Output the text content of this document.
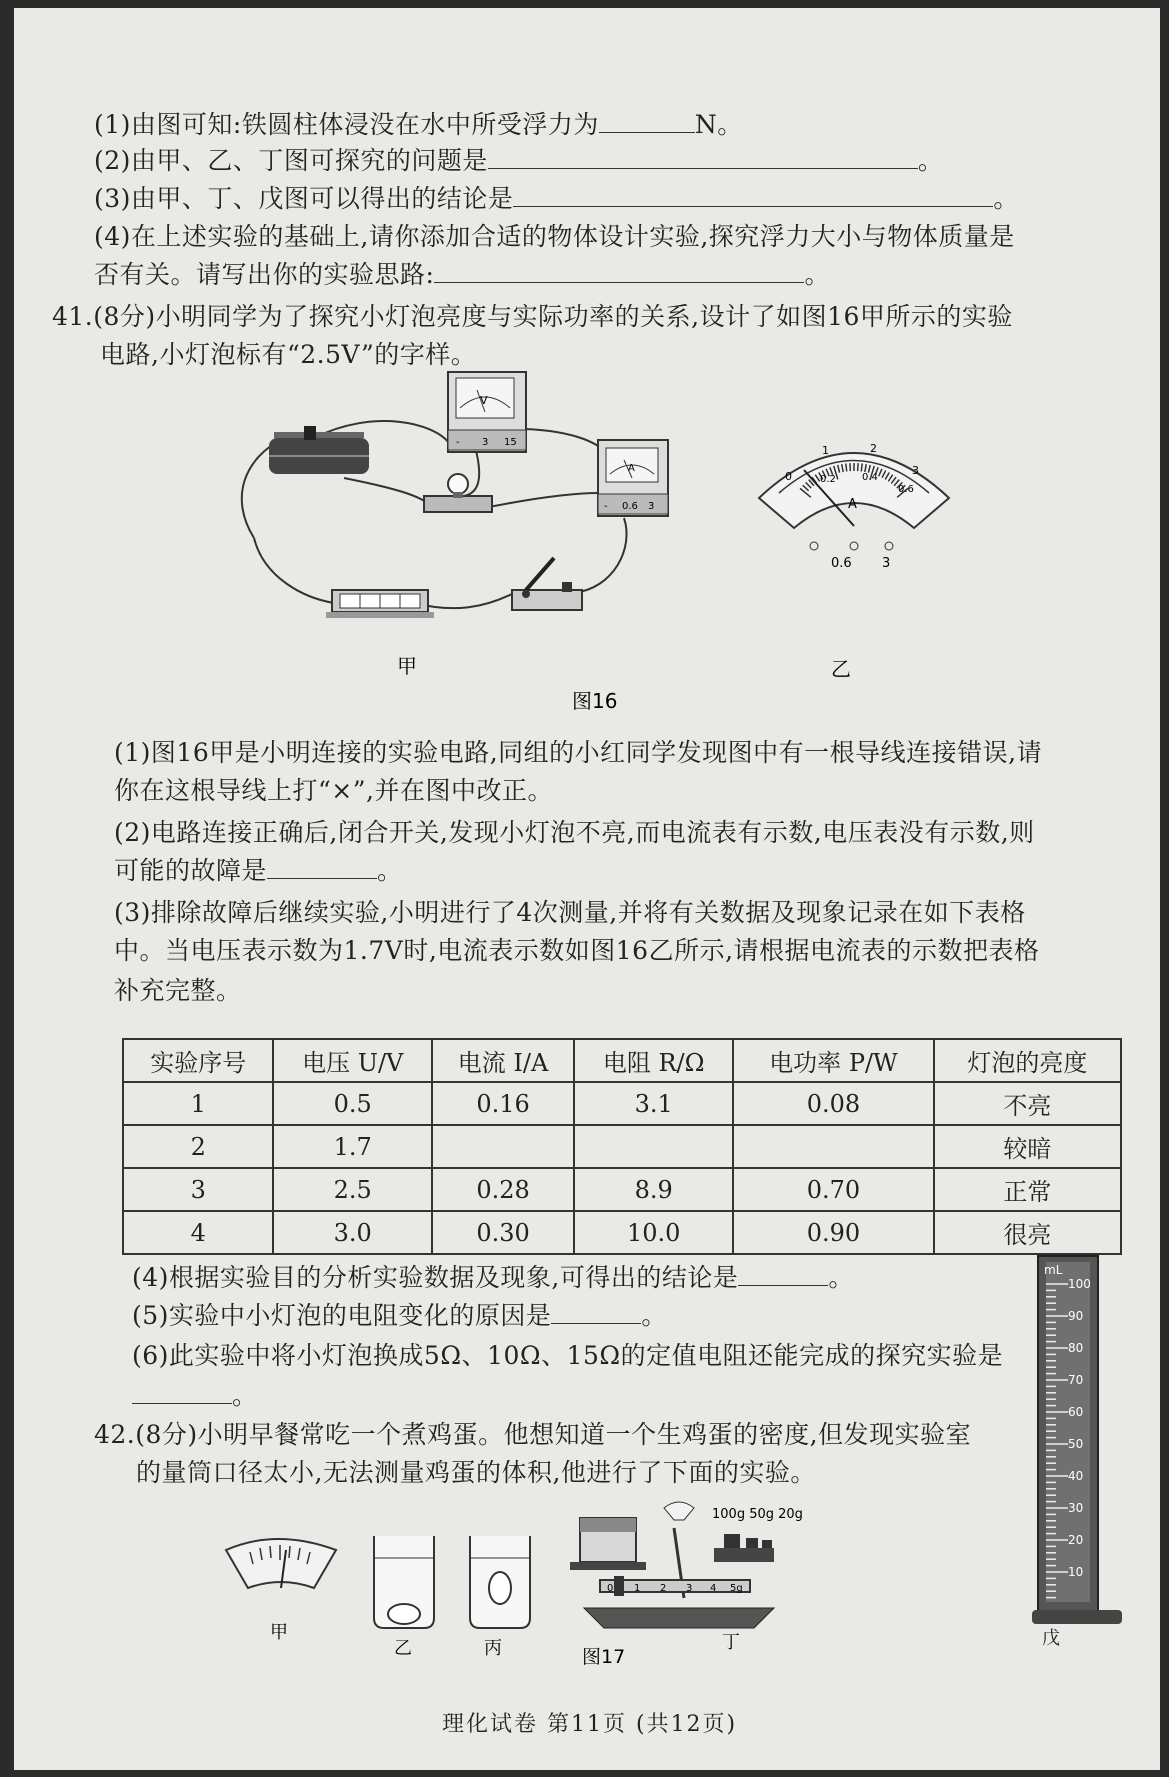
(1)由图可知:铁圆柱体浸没在水中所受浮力为	N。
(2)由甲、乙、丁图可探究的问题是	。
(3)由甲、丁、戊图可以得出的结论是	。
(4)在上述实验的基础上,请你添加合适的物体设计实验,探究浮力大小与物体质量是
否有关。请写出你的实验思路:	。
41.(8分)小明同学为了探究小灯泡亮度与实际功率的关系,设计了如图16甲所示的实验
电路,小灯泡标有“2.5V”的字样。
V
- 3 15
A
- 0.6 3
甲
0
1	2
3
0.2	0.4
0.6
A
0.6 3
乙
图16
(1)图16甲是小明连接的实验电路,同组的小红同学发现图中有一根导线连接错误,请
你在这根导线上打“×”,并在图中改正。
(2)电路连接正确后,闭合开关,发现小灯泡不亮,而电流表有示数,电压表没有示数,则
可能的故障是	。
(3)排除故障后继续实验,小明进行了4次测量,并将有关数据及现象记录在如下表格
中。当电压表示数为1.7V时,电流表示数如图16乙所示,请根据电流表的示数把表格
补充完整。
实验序号	电压 U/V	电流 I/A	电阻 R/Ω	电功率 P/W	灯泡的亮度
1	0.5	0.16	3.1	0.08	不亮
2	1.7				较暗
3	2.5	0.28	8.9	0.70	正常
4	3.0	0.30	10.0	0.90	很亮
(4)根据实验目的分析实验数据及现象,可得出的结论是	。
(5)实验中小灯泡的电阻变化的原因是	。
(6)此实验中将小灯泡换成5Ω、10Ω、15Ω的定值电阻还能完成的探究实验是
。
42.(8分)小明早餐常吃一个煮鸡蛋。他想知道一个生鸡蛋的密度,但发现实验室
的量筒口径太小,无法测量鸡蛋的体积,他进行了下面的实验。
mL
100
90
80
70
60
50
40
30
20
10
戊
甲
乙	丙
0 1 2 3 4 5g
100g 50g 20g
丁
图17
理化试卷 第11页 (共12页)
